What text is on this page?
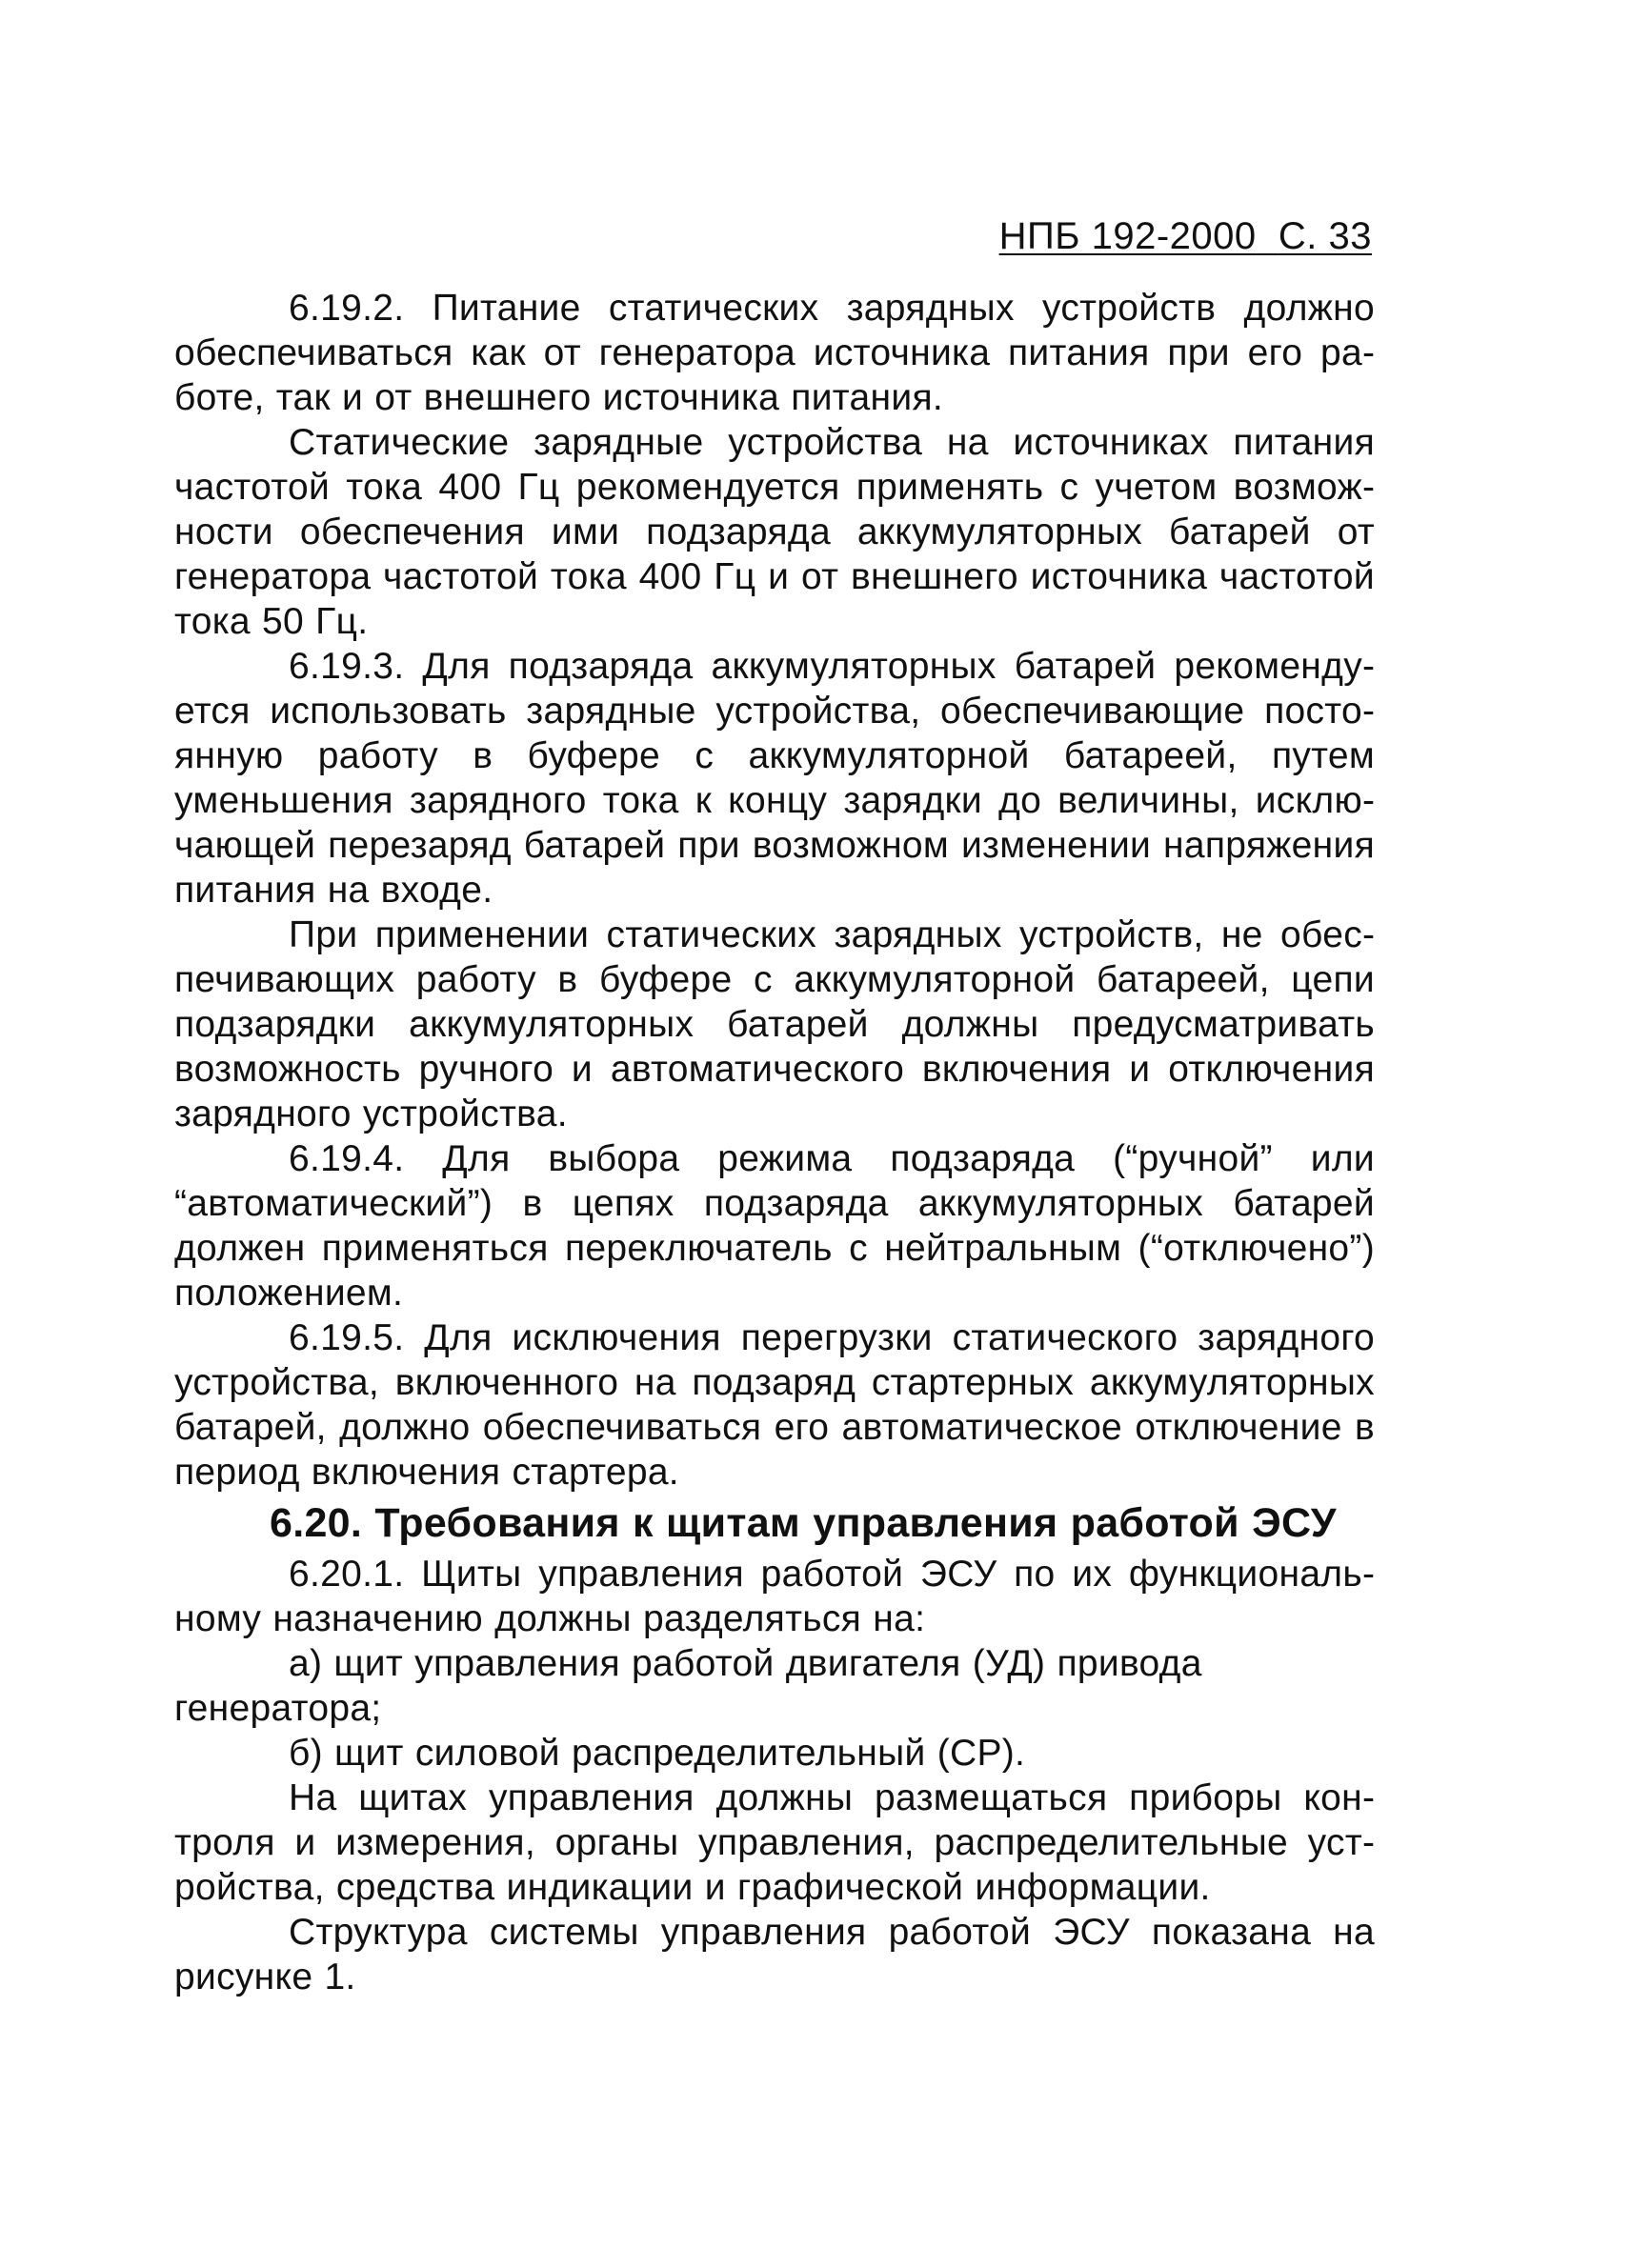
НПБ 192-2000 С. 33

6.19.2. Питание статических зарядных устройств должно обеспечиваться как от генератора источника питания при его работе, так и от внешнего источника питания.

Статические зарядные устройства на источниках питания частотой тока 400 Гц рекомендуется применять с учетом возможности обеспечения ими подзаряда аккумуляторных батарей от генератора частотой тока 400 Гц и от внешнего источника частотой тока 50 Гц.

6.19.3. Для подзаряда аккумуляторных батарей рекомендуется использовать зарядные устройства, обеспечивающие постоянную работу в буфере с аккумуляторной батареей, путем уменьшения зарядного тока к концу зарядки до величины, исключающей перезаряд батарей при возможном изменении напряжения питания на входе.

При применении статических зарядных устройств, не обеспечивающих работу в буфере с аккумуляторной батареей, цепи подзарядки аккумуляторных батарей должны предусматривать возможность ручного и автоматического включения и отключения зарядного устройства.

6.19.4. Для выбора режима подзаряда (“ручной” или “автоматический”) в цепях подзаряда аккумуляторных батарей должен применяться переключатель с нейтральным (“отключено”) положением.

6.19.5. Для исключения перегрузки статического зарядного устройства, включенного на подзаряд стартерных аккумуляторных батарей, должно обеспечиваться его автоматическое отключение в период включения стартера.

6.20. Требования к щитам управления работой ЭСУ

6.20.1. Щиты управления работой ЭСУ по их функциональному назначению должны разделяться на:

а) щит управления работой двигателя (УД) привода генератора;

б) щит силовой распределительный (СР).

На щитах управления должны размещаться приборы контроля и измерения, органы управления, распределительные устройства, средства индикации и графической информации.

Структура системы управления работой ЭСУ показана на рисунке 1.
